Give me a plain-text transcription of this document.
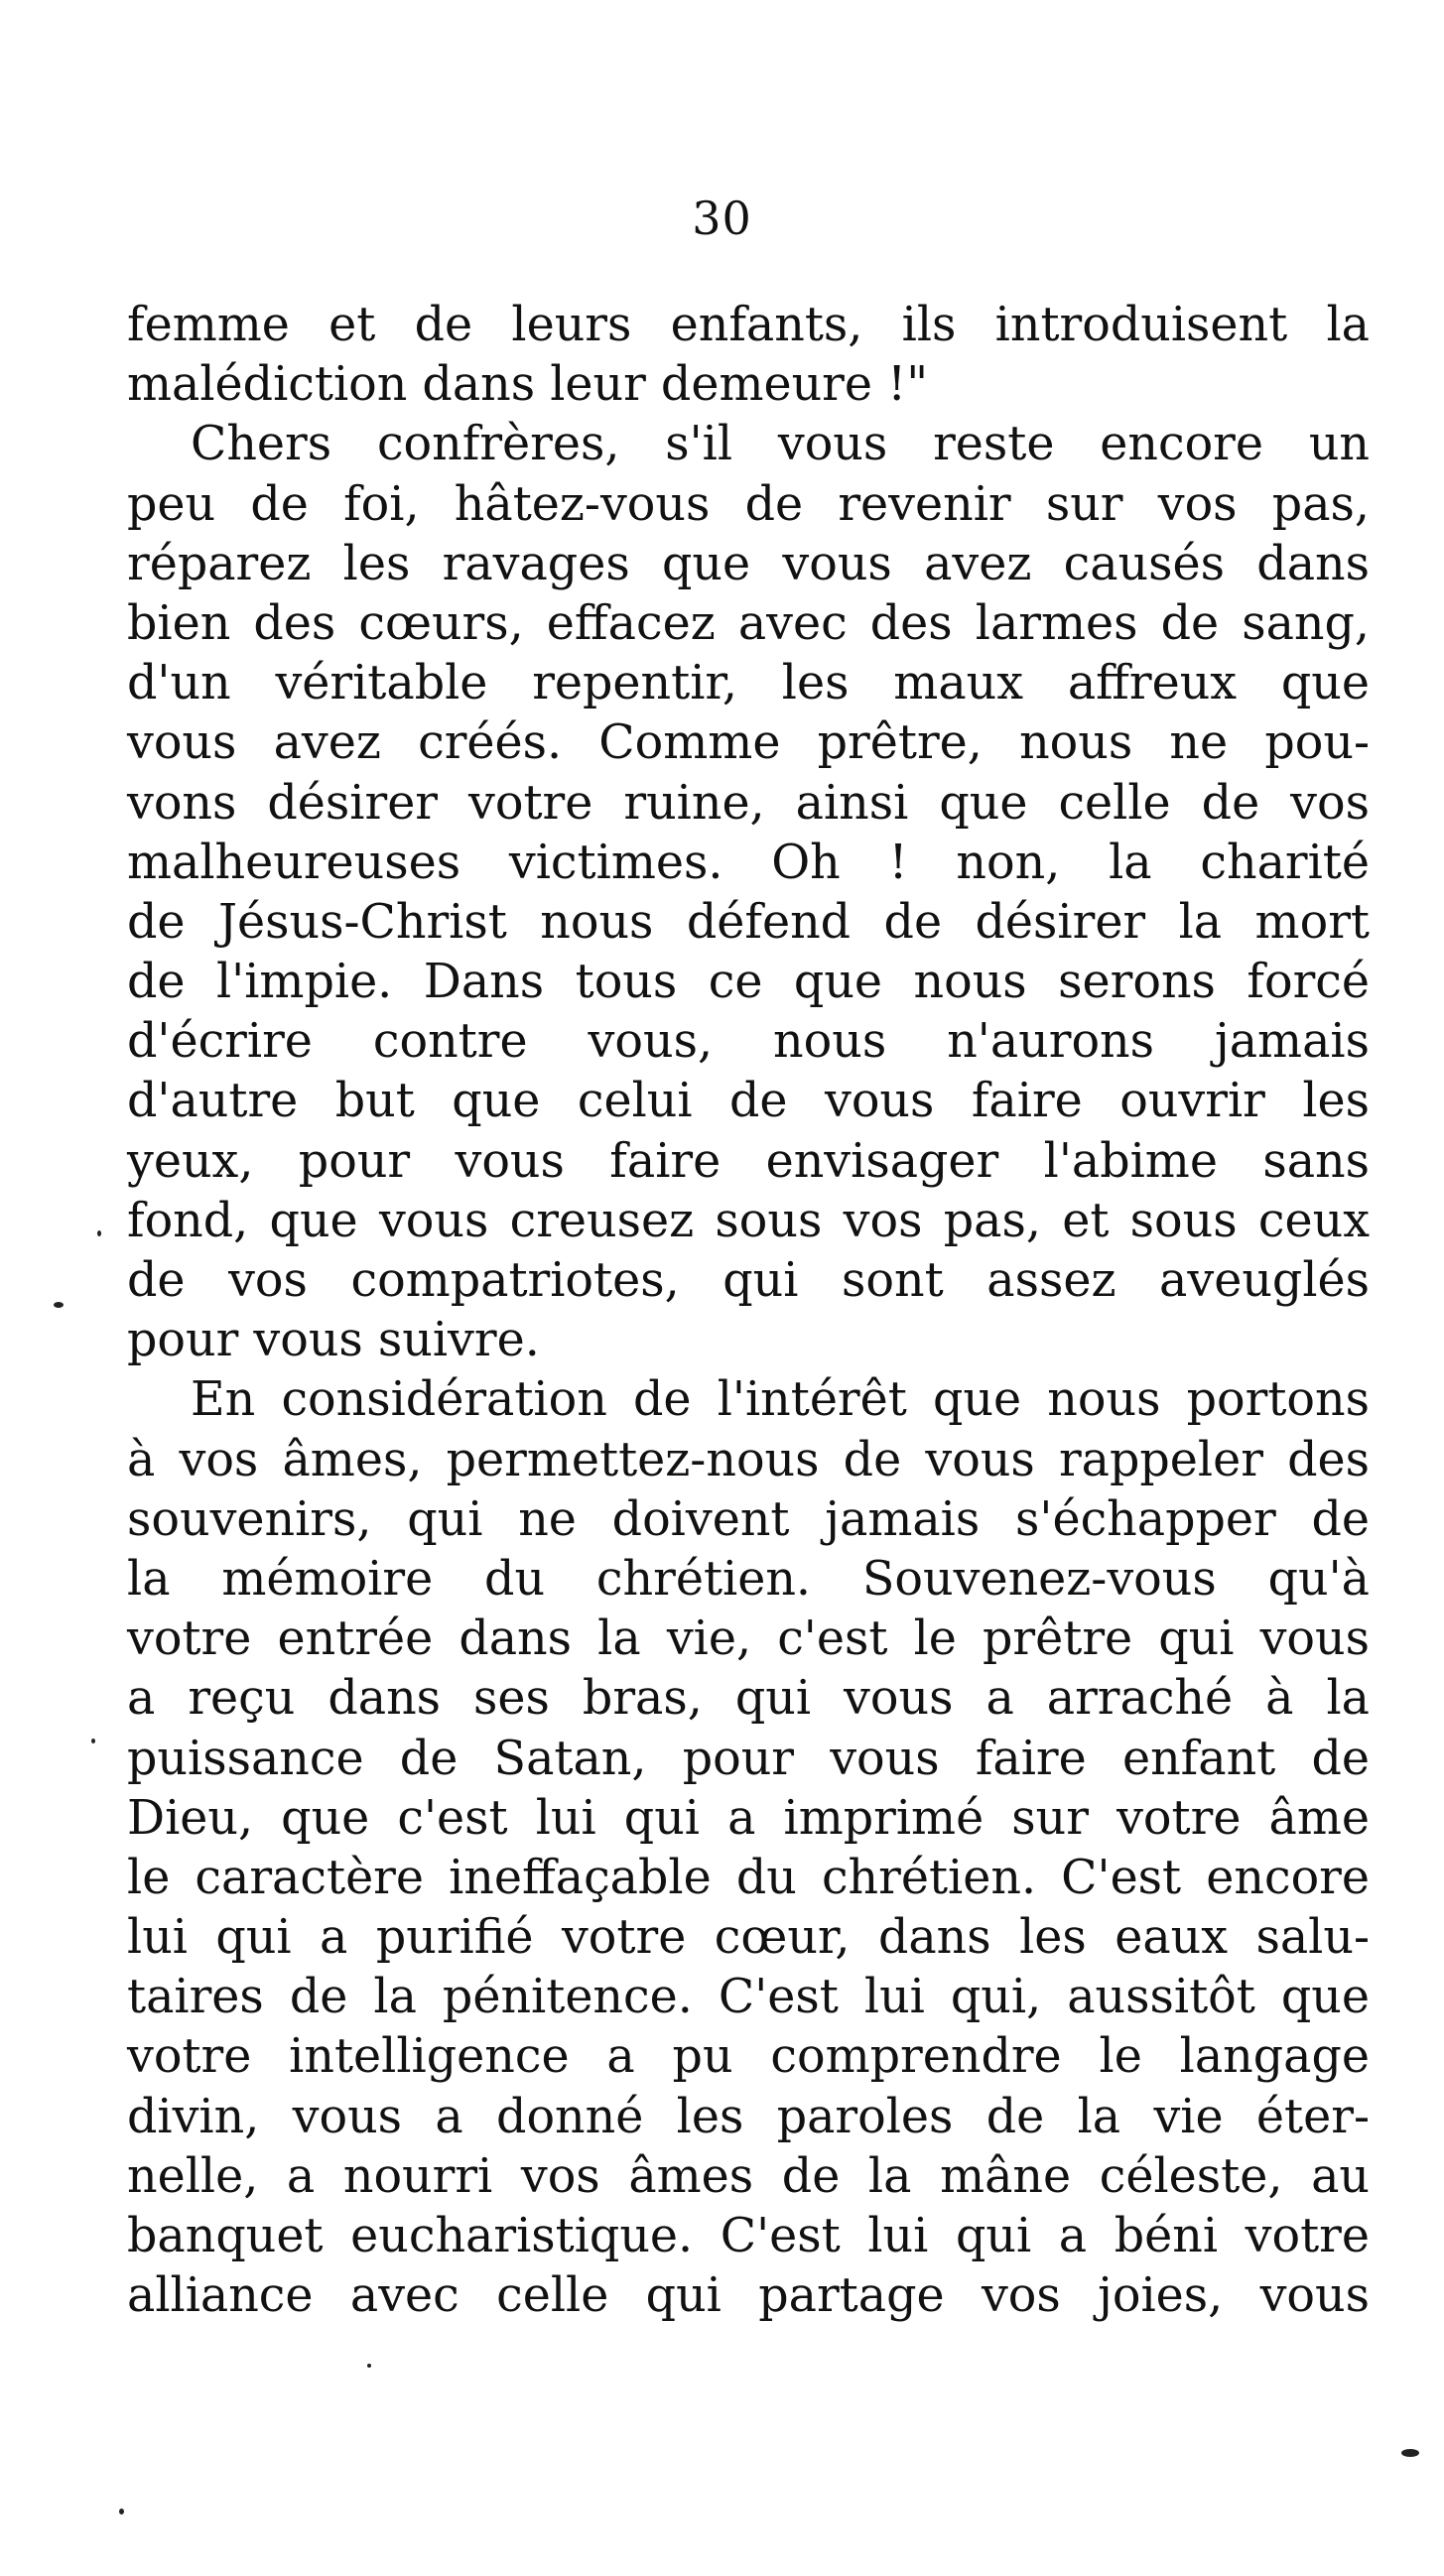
30
femme et de leurs enfants, ils introduisent la
malédiction dans leur demeure !"
Chers confrères, s'il vous reste encore un
peu de foi, hâtez-vous de revenir sur vos pas,
réparez les ravages que vous avez causés dans
bien des cœurs, effacez avec des larmes de sang,
d'un véritable repentir, les maux affreux que
vous avez créés. Comme prêtre, nous ne pou-
vons désirer votre ruine, ainsi que celle de vos
malheureuses victimes. Oh ! non, la charité
de Jésus-Christ nous défend de désirer la mort
de l'impie. Dans tous ce que nous serons forcé
d'écrire contre vous, nous n'aurons jamais
d'autre but que celui de vous faire ouvrir les
yeux, pour vous faire envisager l'abime sans
fond, que vous creusez sous vos pas, et sous ceux
de vos compatriotes, qui sont assez aveuglés
pour vous suivre.
En considération de l'intérêt que nous portons
à vos âmes, permettez-nous de vous rappeler des
souvenirs, qui ne doivent jamais s'échapper de
la mémoire du chrétien. Souvenez-vous qu'à
votre entrée dans la vie, c'est le prêtre qui vous
a reçu dans ses bras, qui vous a arraché à la
puissance de Satan, pour vous faire enfant de
Dieu, que c'est lui qui a imprimé sur votre âme
le caractère ineffaçable du chrétien. C'est encore
lui qui a purifié votre cœur, dans les eaux salu-
taires de la pénitence. C'est lui qui, aussitôt que
votre intelligence a pu comprendre le langage
divin, vous a donné les paroles de la vie éter-
nelle, a nourri vos âmes de la mâne céleste, au
banquet eucharistique. C'est lui qui a béni votre
alliance avec celle qui partage vos joies, vous
